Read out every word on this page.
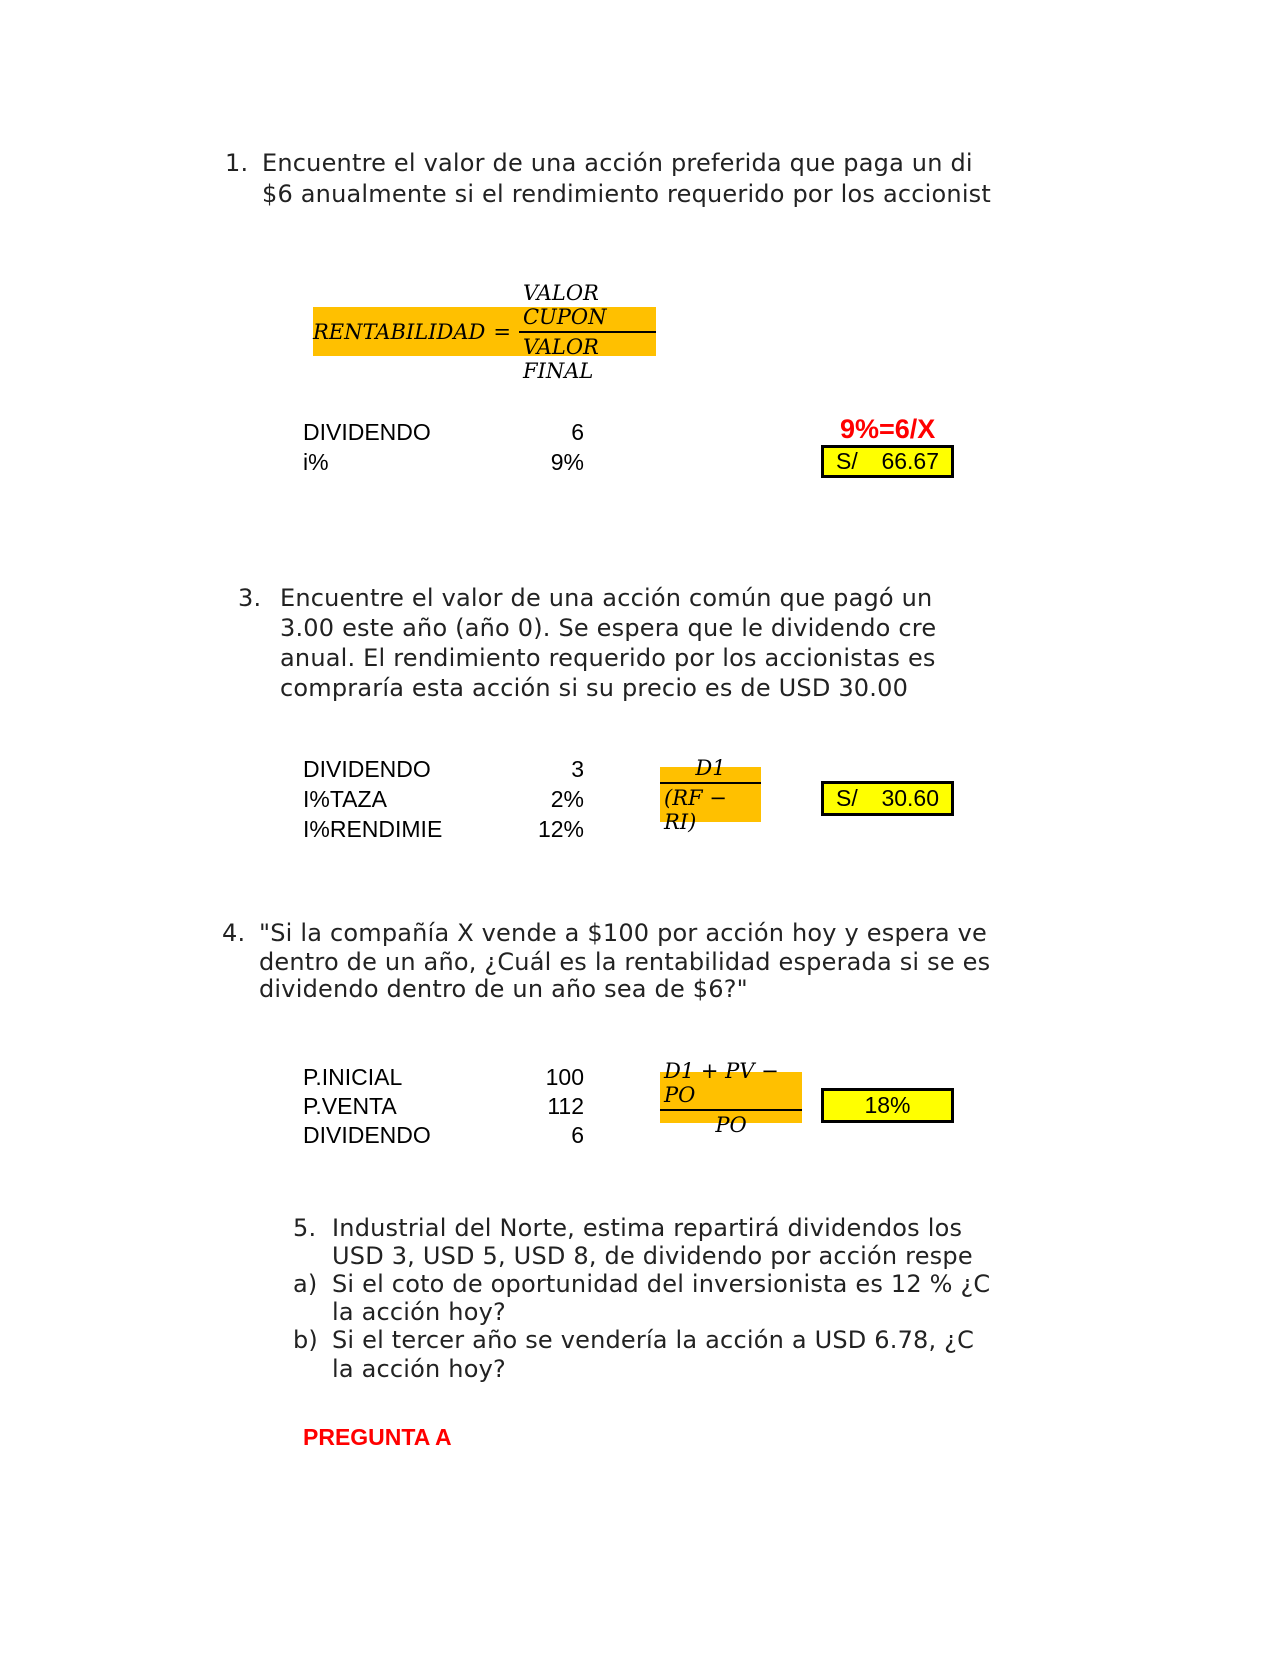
1. Encuentre el valor de una acción preferida que paga un di
$6 anualmente si el rendimiento requerido por los accionist
RENTABILIDAD = $\frac{\text{VALOR CUPON}}{\text{VALOR FINAL}}$
DIVIDENDO	6
i%	9%
9%=6/X
S/ 66.67
3. Encuentre el valor de una acción común que pagó un
3.00 este año (año 0). Se espera que le dividendo cre
anual. El rendimiento requerido por los accionistas es
compraría esta acción si su precio es de USD 30.00
DIVIDENDO	3
I%TAZA	2%
I%RENDIMIE	12%	$\frac{D1}{(RF - RI)}$	S/ 30.60
4. "Si la compañía X vende a $100 por acción hoy y espera ve
dentro de un año, ¿Cuál es la rentabilidad esperada si se es
dividendo dentro de un año sea de $6?"
P.INICIAL	100
P.VENTA	112
DIVIDENDO	6	$\frac{D1 + PV - PO}{PO}$	18%
5. Industrial del Norte, estima repartirá dividendos los
USD 3, USD 5, USD 8, de dividendo por acción respe
a) Si el coto de oportunidad del inversionista es 12 % ¿C
la acción hoy?
b) Si el tercer año se vendería la acción a USD 6.78, ¿C
la acción hoy?
PREGUNTA A
